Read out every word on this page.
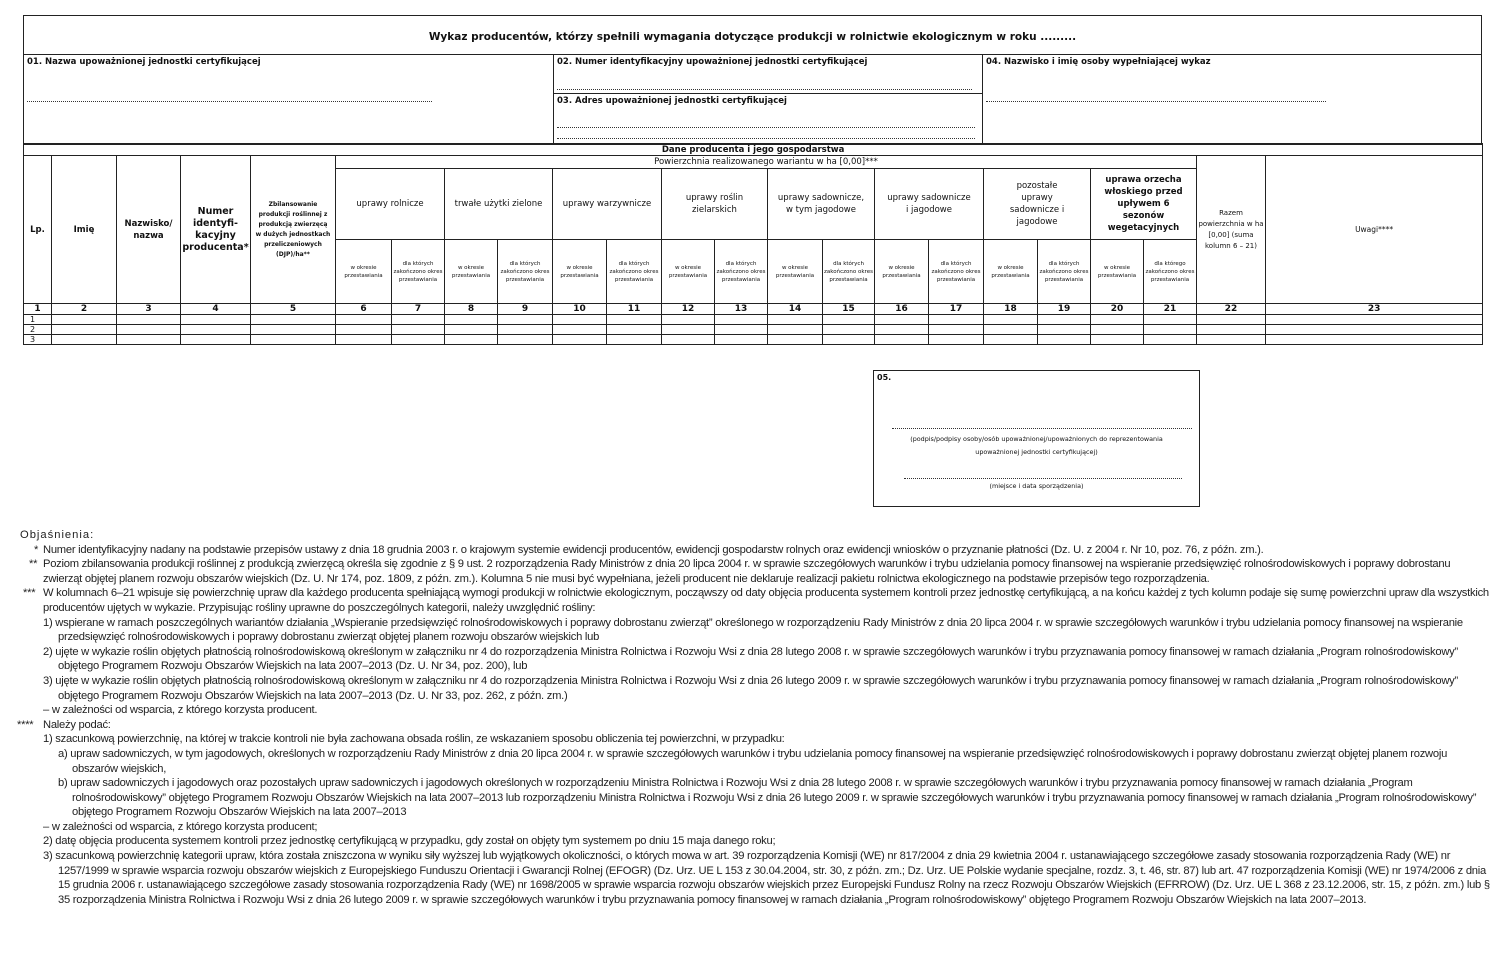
Wykaz producentów, którzy spełnili wymagania dotyczące produkcji w rolnictwie ekologicznym w roku .........
01. Nazwa upoważnionej jednostki certyfikującej	02. Numer identyfikacyjny upoważnionej jednostki certyfikującej
03. Adres upoważnionej jednostki certyfikującej
04. Nazwisko i imię osoby wypełniającej wykaz
Dane producenta i jego gospodarstwa																						
Lp.	Imię	Nazwisko/ nazwa	Numer identyfi- kacyjny producenta*	Zbilansowanie produkcji roślinnej z produkcją zwierzęcą w dużych jednostkach przeliczeniowych (DJP)/ha**	Powierzchnia realizowanego wariantu w ha [0,00]***																Razem powierzchnia w ha [0,00] (suma kolumn 6 – 21)	Uwagi****
					uprawy rolnicze		trwałe użytki zielone		uprawy warzywnicze		uprawy roślin zielarskich		uprawy sadownicze, w tym jagodowe		uprawy sadownicze i jagodowe		pozostałe uprawy sadownicze i jagodowe		uprawa orzecha włoskiego przed upływem 6 sezonów wegetacyjnych			
					w okresie przestawiania	dla których zakończono okres przestawiania	w okresie przestawiania	dla których zakończono okres przestawiania	w okresie przestawiania	dla których zakończono okres przestawiania	w okresie przestawiania	dla których zakończono okres przestawiania	w okresie przestawiania	dla których zakończono okres przestawiania	w okresie przestawiania	dla których zakończono okres przestawiania	w okresie przestawiania	dla których zakończono okres przestawiania	w okresie przestawiania	dla którego zakończono okres przestawiania		
1	2	3	4	5	6	7	8	9	10	11	12	13	14	15	16	17	18	19	20	21	22	23
1																						
2																						
3																						
05.
(podpis/podpisy osoby/osób upoważnionej/upoważnionych do reprezentowania upoważnionej jednostki certyfikującej)
(miejsce i data sporządzenia)
Objaśnienia:
* Numer identyfikacyjny nadany na podstawie przepisów ustawy z dnia 18 grudnia 2003 r. o krajowym systemie ewidencji producentów, ewidencji gospodarstw rolnych oraz ewidencji wniosków o przyznanie płatności (Dz. U. z 2004 r. Nr 10, poz. 76, z późn. zm.).
** Poziom zbilansowania produkcji roślinnej z produkcją zwierzęcą określa się zgodnie z § 9 ust. 2 rozporządzenia Rady Ministrów z dnia 20 lipca 2004 r. w sprawie szczegółowych warunków i trybu udzielania pomocy finansowej na wspieranie przedsięwzięć rolnośrodowiskowych i poprawy dobrostanu zwierząt objętej planem rozwoju obszarów wiejskich (Dz. U. Nr 174, poz. 1809, z późn. zm.). Kolumna 5 nie musi być wypełniana, jeżeli producent nie deklaruje realizacji pakietu rolnictwa ekologicznego na podstawie przepisów tego rozporządzenia.
*** W kolumnach 6–21 wpisuje się powierzchnię upraw dla każdego producenta spełniającą wymogi produkcji w rolnictwie ekologicznym, począwszy od daty objęcia producenta systemem kontroli przez jednostkę certyfikującą, a na końcu każdej z tych kolumn podaje się sumę powierzchni upraw dla wszystkich producentów ujętych w wykazie. Przypisując rośliny uprawne do poszczególnych kategorii, należy uwzględnić rośliny:
1) wspierane w ramach poszczególnych wariantów działania „Wspieranie przedsięwzięć rolnośrodowiskowych i poprawy dobrostanu zwierząt” określonego w rozporządzeniu Rady Ministrów z dnia 20 lipca 2004 r. w sprawie szczegółowych warunków i trybu udzielania pomocy finansowej na wspieranie przedsięwzięć rolnośrodowiskowych i poprawy dobrostanu zwierząt objętej planem rozwoju obszarów wiejskich lub
2) ujęte w wykazie roślin objętych płatnością rolnośrodowiskową określonym w załączniku nr 4 do rozporządzenia Ministra Rolnictwa i Rozwoju Wsi z dnia 28 lutego 2008 r. w sprawie szczegółowych warunków i trybu przyznawania pomocy finansowej w ramach działania „Program rolnośrodowiskowy” objętego Programem Rozwoju Obszarów Wiejskich na lata 2007–2013 (Dz. U. Nr 34, poz. 200), lub
3) ujęte w wykazie roślin objętych płatnością rolnośrodowiskową określonym w załączniku nr 4 do rozporządzenia Ministra Rolnictwa i Rozwoju Wsi z dnia 26 lutego 2009 r. w sprawie szczegółowych warunków i trybu przyznawania pomocy finansowej w ramach działania „Program rolnośrodowiskowy” objętego Programem Rozwoju Obszarów Wiejskich na lata 2007–2013 (Dz. U. Nr 33, poz. 262, z późn. zm.)
– w zależności od wsparcia, z którego korzysta producent.
**** Należy podać:
1) szacunkową powierzchnię, na której w trakcie kontroli nie była zachowana obsada roślin, ze wskazaniem sposobu obliczenia tej powierzchni, w przypadku:
a) upraw sadowniczych, w tym jagodowych, określonych w rozporządzeniu Rady Ministrów z dnia 20 lipca 2004 r. w sprawie szczegółowych warunków i trybu udzielania pomocy finansowej na wspieranie przedsięwzięć rolnośrodowiskowych i poprawy dobrostanu zwierząt objętej planem rozwoju obszarów wiejskich,
b) upraw sadowniczych i jagodowych oraz pozostałych upraw sadowniczych i jagodowych określonych w rozporządzeniu Ministra Rolnictwa i Rozwoju Wsi z dnia 28 lutego 2008 r. w sprawie szczegółowych warunków i trybu przyznawania pomocy finansowej w ramach działania „Program rolnośrodowiskowy” objętego Programem Rozwoju Obszarów Wiejskich na lata 2007–2013 lub rozporządzeniu Ministra Rolnictwa i Rozwoju Wsi z dnia 26 lutego 2009 r. w sprawie szczegółowych warunków i trybu przyznawania pomocy finansowej w ramach działania „Program rolnośrodowiskowy” objętego Programem Rozwoju Obszarów Wiejskich na lata 2007–2013
– w zależności od wsparcia, z którego korzysta producent;
2) datę objęcia producenta systemem kontroli przez jednostkę certyfikującą w przypadku, gdy został on objęty tym systemem po dniu 15 maja danego roku;
3) szacunkową powierzchnię kategorii upraw, która została zniszczona w wyniku siły wyższej lub wyjątkowych okoliczności, o których mowa w art. 39 rozporządzenia Komisji (WE) nr 817/2004 z dnia 29 kwietnia 2004 r. ustanawiającego szczegółowe zasady stosowania rozporządzenia Rady (WE) nr 1257/1999 w sprawie wsparcia rozwoju obszarów wiejskich z Europejskiego Funduszu Orientacji i Gwarancji Rolnej (EFOGR) (Dz. Urz. UE L 153 z 30.04.2004, str. 30, z późn. zm.; Dz. Urz. UE Polskie wydanie specjalne, rozdz. 3, t. 46, str. 87) lub art. 47 rozporządzenia Komisji (WE) nr 1974/2006 z dnia 15 grudnia 2006 r. ustanawiającego szczegółowe zasady stosowania rozporządzenia Rady (WE) nr 1698/2005 w sprawie wsparcia rozwoju obszarów wiejskich przez Europejski Fundusz Rolny na rzecz Rozwoju Obszarów Wiejskich (EFRROW) (Dz. Urz. UE L 368 z 23.12.2006, str. 15, z późn. zm.) lub § 35 rozporządzenia Ministra Rolnictwa i Rozwoju Wsi z dnia 26 lutego 2009 r. w sprawie szczegółowych warunków i trybu przyznawania pomocy finansowej w ramach działania „Program rolnośrodowiskowy” objętego Programem Rozwoju Obszarów Wiejskich na lata 2007–2013.
